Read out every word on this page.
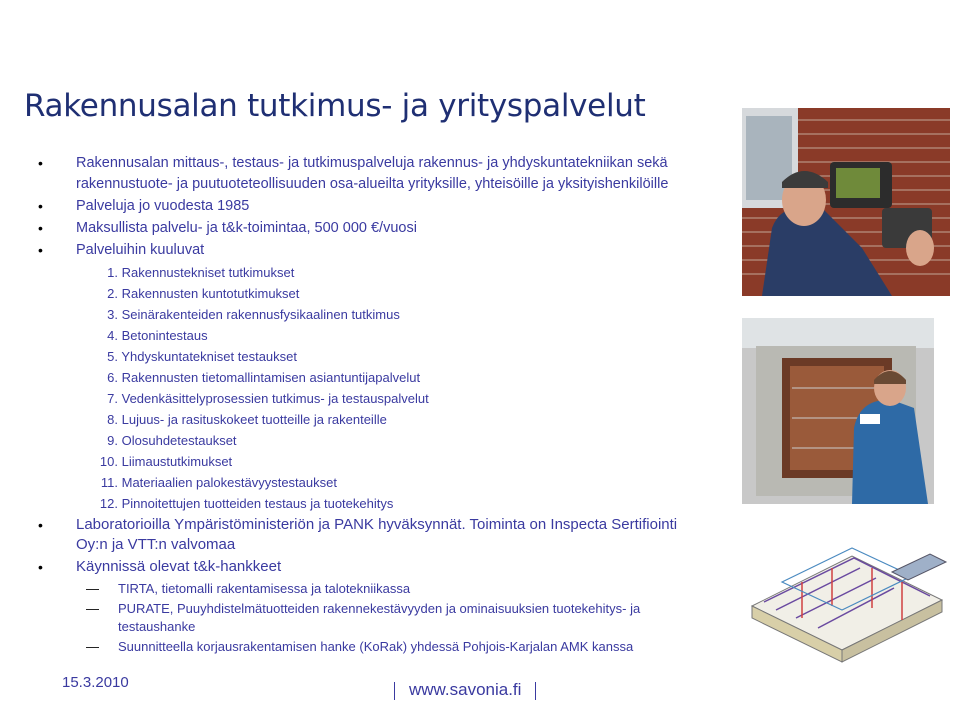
Rakennusalan tutkimus- ja yrityspalvelut
• Rakennusalan mittaus-, testaus- ja tutkimuspalveluja rakennus- ja yhdyskuntatekniikan sekä rakennustuote- ja puutuoteteollisuuden osa-alueilta yrityksille, yhteisöille ja yksityishenkilöille
• Palveluja jo vuodesta 1985
• Maksullista palvelu- ja t&k-toimintaa, 500 000 €/vuosi
• Palveluihin kuuluvat
1. Rakennustekniset tutkimukset
2. Rakennusten kuntotutkimukset
3. Seinärakenteiden rakennusfysikaalinen tutkimus
4. Betonintestaus
5. Yhdyskuntatekniset testaukset
6. Rakennusten tietomallintamisen asiantuntijapalvelut
7. Vedenkäsittelyprosessien tutkimus- ja testauspalvelut
8. Lujuus- ja rasituskokeet tuotteille ja rakenteille
9. Olosuhdetestaukset
10. Liimaustutkimukset
11. Materiaalien palokestävyystestaukset
12. Pinnoitettujen tuotteiden testaus ja tuotekehitys
• Laboratorioilla Ympäristöministeriön ja PANK hyväksynnät. Toiminta on Inspecta Sertifiointi
Oy:n ja VTT:n valvomaa
• Käynnissä olevat t&k-hankkeet
— TIRTA, tietomalli rakentamisessa ja talotekniikassa
— PURATE, Puuyhdistelmätuotteiden rakennekestävyyden ja ominaisuuksien tuotekehitys- ja
testaushanke
— Suunnitteella korjausrakentamisen hanke (KoRak) yhdessä Pohjois-Karjalan AMK kanssa
15.3.2010	www.savonia.fi
